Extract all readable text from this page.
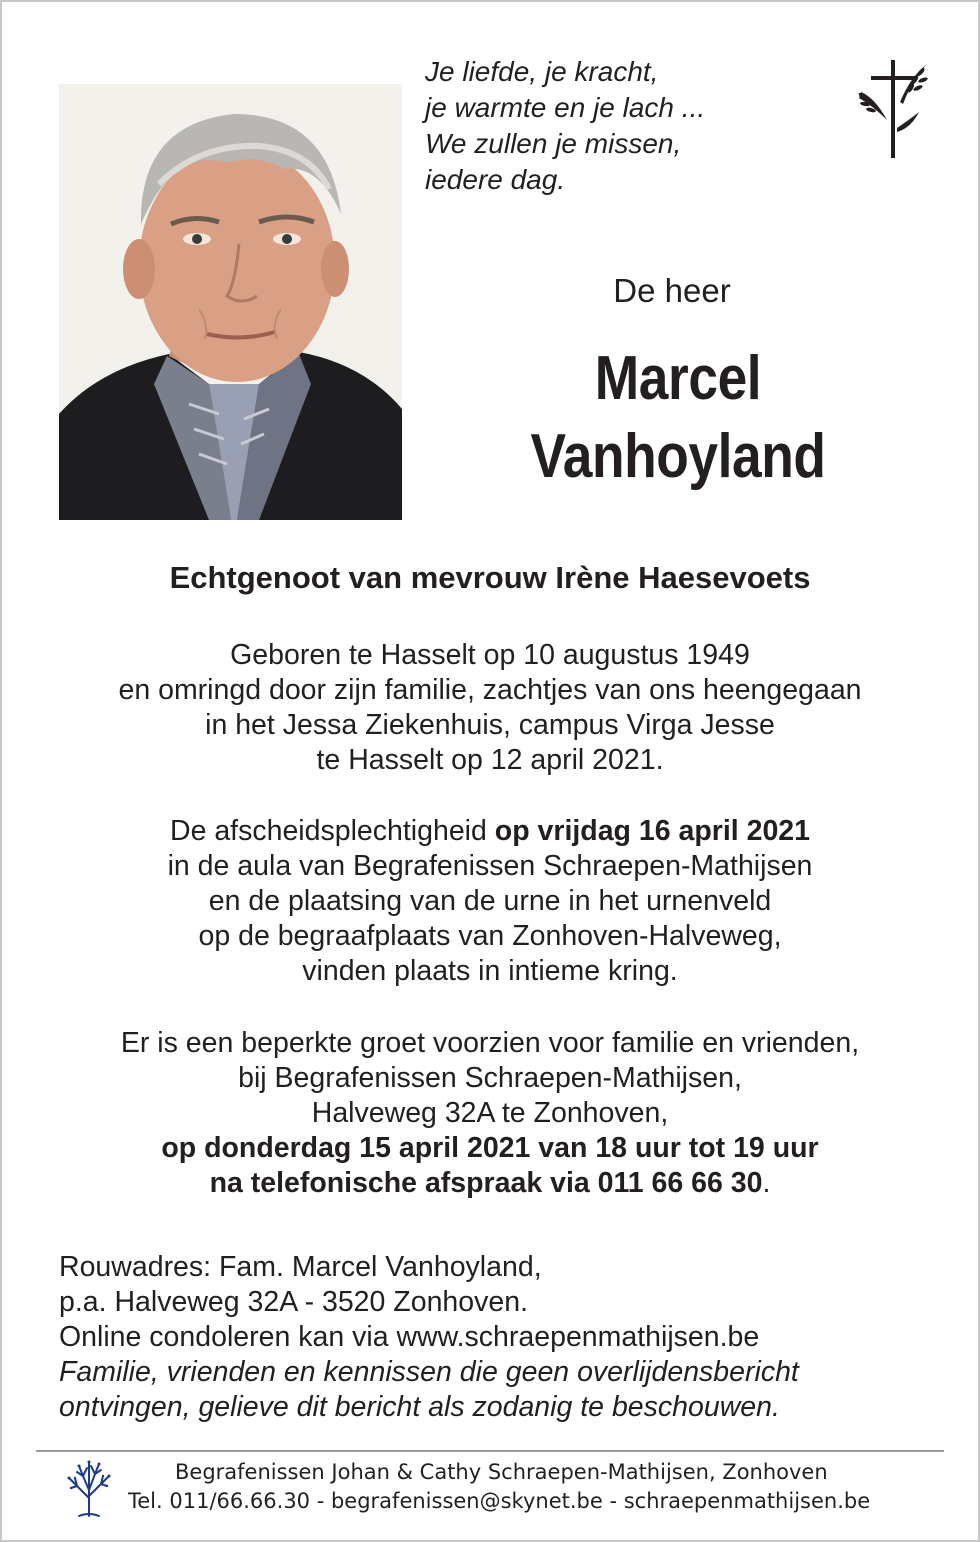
Je liefde, je kracht,
je warmte en je lach ...
We zullen je missen,
iedere dag.
De heer
Marcel
Vanhoyland
Echtgenoot van mevrouw Irène Haesevoets
Geboren te Hasselt op 10 augustus 1949
en omringd door zijn familie, zachtjes van ons heengegaan
in het Jessa Ziekenhuis, campus Virga Jesse
te Hasselt op 12 april 2021.
De afscheidsplechtigheid op vrijdag 16 april 2021
in de aula van Begrafenissen Schraepen-Mathijsen
en de plaatsing van de urne in het urnenveld
op de begraafplaats van Zonhoven-Halveweg,
vinden plaats in intieme kring.
Er is een beperkte groet voorzien voor familie en vrienden,
bij Begrafenissen Schraepen-Mathijsen,
Halveweg 32A te Zonhoven,
op donderdag 15 april 2021 van 18 uur tot 19 uur
na telefonische afspraak via 011 66 66 30.
Rouwadres: Fam. Marcel Vanhoyland,
p.a. Halveweg 32A - 3520 Zonhoven.
Online condoleren kan via www.schraepenmathijsen.be
Familie, vrienden en kennissen die geen overlijdensbericht
ontvingen, gelieve dit bericht als zodanig te beschouwen.
Begrafenissen Johan & Cathy Schraepen-Mathijsen, Zonhoven
Tel. 011/66.66.30 - begrafenissen@skynet.be - schraepenmathijsen.be
